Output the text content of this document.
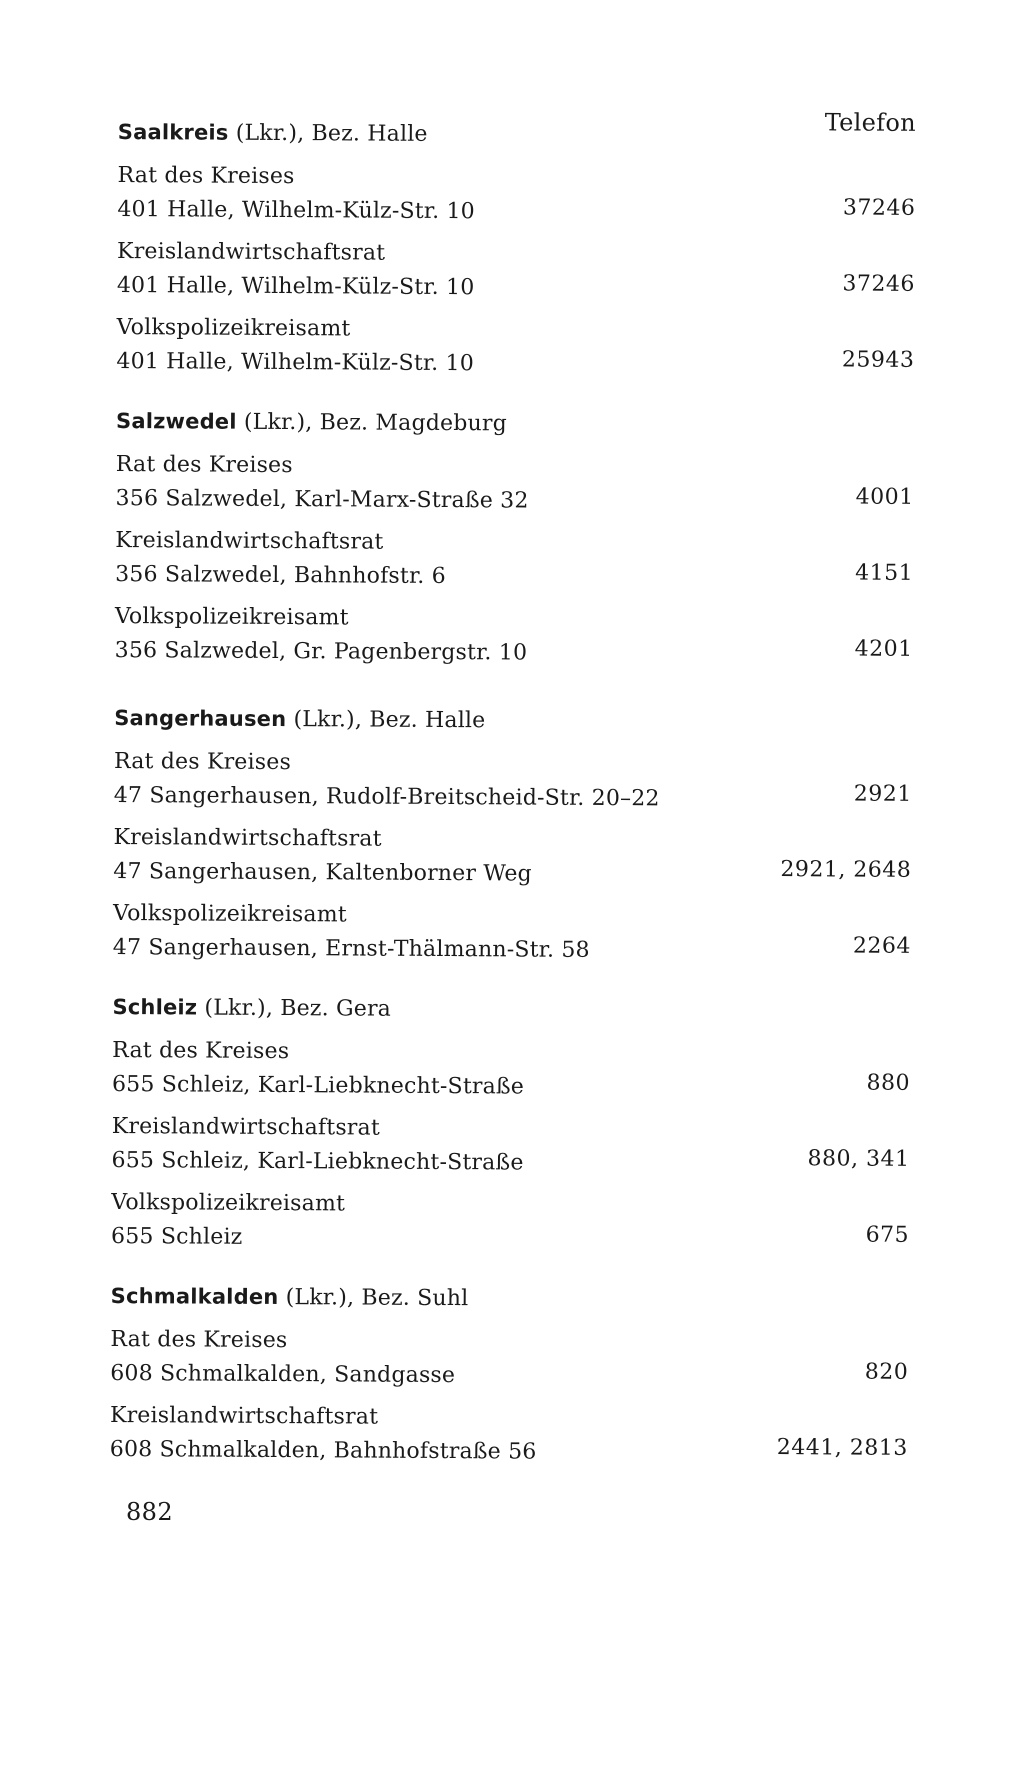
Telefon
Saalkreis (Lkr.), Bez. Halle
Rat des Kreises
401 Halle, Wilhelm-Külz-Str. 10	37246
Kreislandwirtschaftsrat
401 Halle, Wilhelm-Külz-Str. 10	37246
Volkspolizeikreisamt
401 Halle, Wilhelm-Külz-Str. 10	25943
Salzwedel (Lkr.), Bez. Magdeburg
Rat des Kreises
356 Salzwedel, Karl-Marx-Straße 32	4001
Kreislandwirtschaftsrat
356 Salzwedel, Bahnhofstr. 6	4151
Volkspolizeikreisamt
356 Salzwedel, Gr. Pagenbergstr. 10	4201
Sangerhausen (Lkr.), Bez. Halle
Rat des Kreises
47 Sangerhausen, Rudolf-Breitscheid-Str. 20–22	2921
Kreislandwirtschaftsrat
47 Sangerhausen, Kaltenborner Weg	2921, 2648
Volkspolizeikreisamt
47 Sangerhausen, Ernst-Thälmann-Str. 58	2264
Schleiz (Lkr.), Bez. Gera
Rat des Kreises
655 Schleiz, Karl-Liebknecht-Straße	880
Kreislandwirtschaftsrat
655 Schleiz, Karl-Liebknecht-Straße	880, 341
Volkspolizeikreisamt
655 Schleiz	675
Schmalkalden (Lkr.), Bez. Suhl
Rat des Kreises
608 Schmalkalden, Sandgasse	820
Kreislandwirtschaftsrat
608 Schmalkalden, Bahnhofstraße 56	2441, 2813
882
